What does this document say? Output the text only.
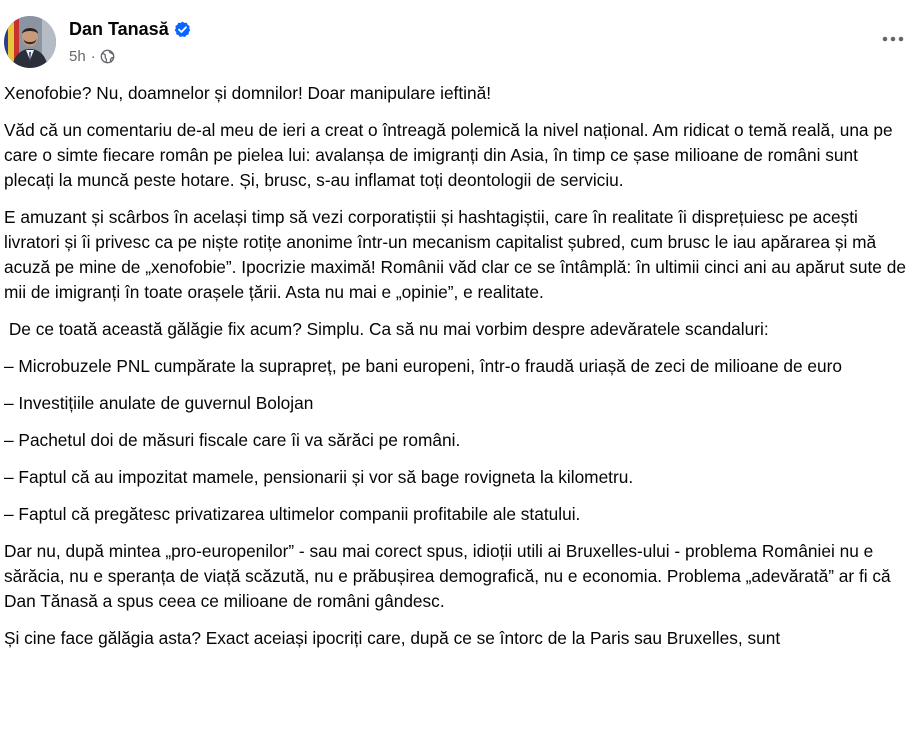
Dan Tanasă
5h ·

Xenofobie? Nu, doamnelor și domnilor! Doar manipulare ieftină!

Văd că un comentariu de-al meu de ieri a creat o întreagă polemică la nivel național. Am ridicat o temă reală, una pe care o simte fiecare român pe pielea lui: avalanșa de imigranți din Asia, în timp ce șase milioane de români sunt plecați la muncă peste hotare. Și, brusc, s-au inflamat toți deontologii de serviciu.

E amuzant și scârbos în același timp să vezi corporatiștii și hashtagiștii, care în realitate îi disprețuiesc pe acești livratori și îi privesc ca pe niște rotițe anonime într-un mecanism capitalist șubred, cum brusc le iau apărarea și mă acuză pe mine de „xenofobie”. Ipocrizie maximă! Românii văd clar ce se întâmplă: în ultimii cinci ani au apărut sute de mii de imigranți în toate orașele țării. Asta nu mai e „opinie”, e realitate.

De ce toată această gălăgie fix acum? Simplu. Ca să nu mai vorbim despre adevăratele scandaluri:

– Microbuzele PNL cumpărate la suprapreț, pe bani europeni, într-o fraudă uriașă de zeci de milioane de euro

– Investițiile anulate de guvernul Bolojan

– Pachetul doi de măsuri fiscale care îi va sărăci pe români.

– Faptul că au impozitat mamele, pensionarii și vor să bage rovigneta la kilometru.

– Faptul că pregătesc privatizarea ultimelor companii profitabile ale statului.

Dar nu, după mintea „pro-europenilor” - sau mai corect spus, idioții utili ai Bruxelles-ului - problema României nu e sărăcia, nu e speranța de viață scăzută, nu e prăbușirea demografică, nu e economia. Problema „adevărată” ar fi că Dan Tănasă a spus ceea ce milioane de români gândesc.

Și cine face gălăgia asta? Exact aceiași ipocriți care, după ce se întorc de la Paris sau Bruxelles, sunt
